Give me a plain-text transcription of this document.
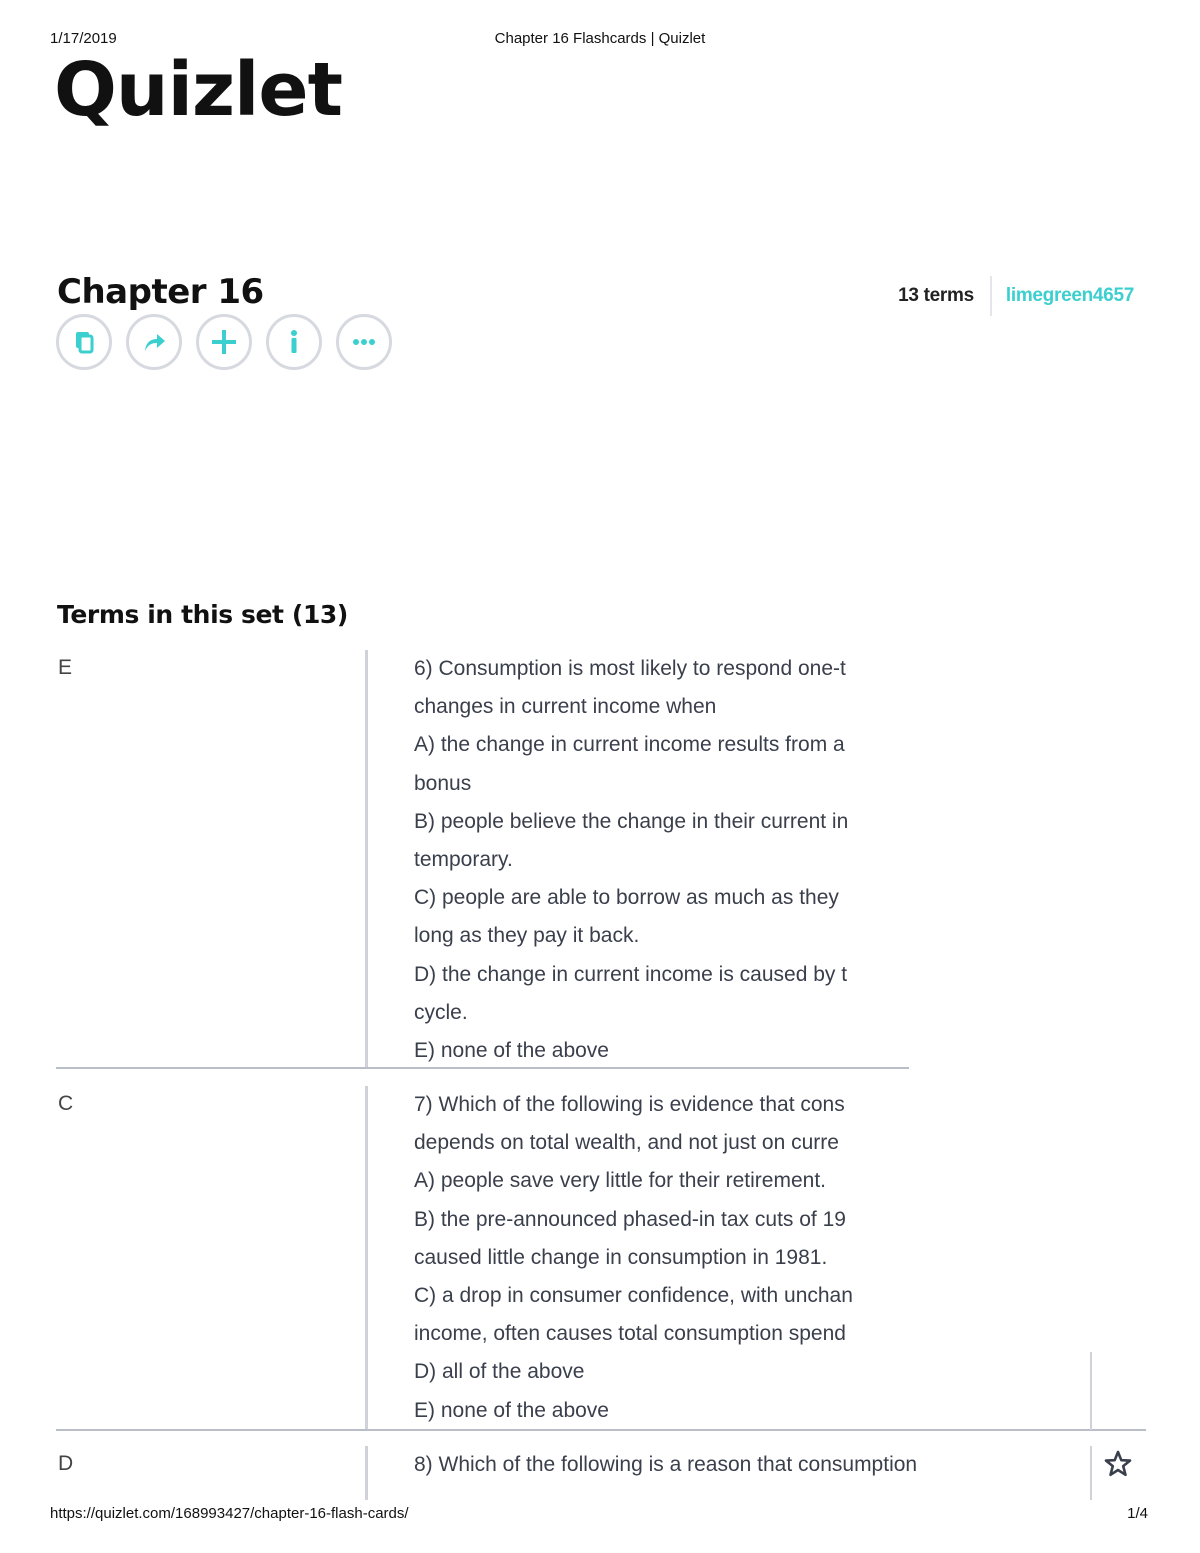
1/17/2019	Chapter 16 Flashcards | Quizlet
Quizlet
Chapter 16	13 terms	limegreen4657
Terms in this set (13)
E	6) Consumption is most likely to respond one-t
changes in current income when
A) the change in current income results from a
bonus
B) people believe the change in their current in
temporary.
C) people are able to borrow as much as they
long as they pay it back.
D) the change in current income is caused by t
cycle.
E) none of the above
C	7) Which of the following is evidence that cons
depends on total wealth, and not just on curre
A) people save very little for their retirement.
B) the pre-announced phased-in tax cuts of 19
caused little change in consumption in 1981.
C) a drop in consumer confidence, with unchan
income, often causes total consumption spend
D) all of the above
E) none of the above
D	8) Which of the following is a reason that consumption
https://quizlet.com/168993427/chapter-16-flash-cards/	1/4
